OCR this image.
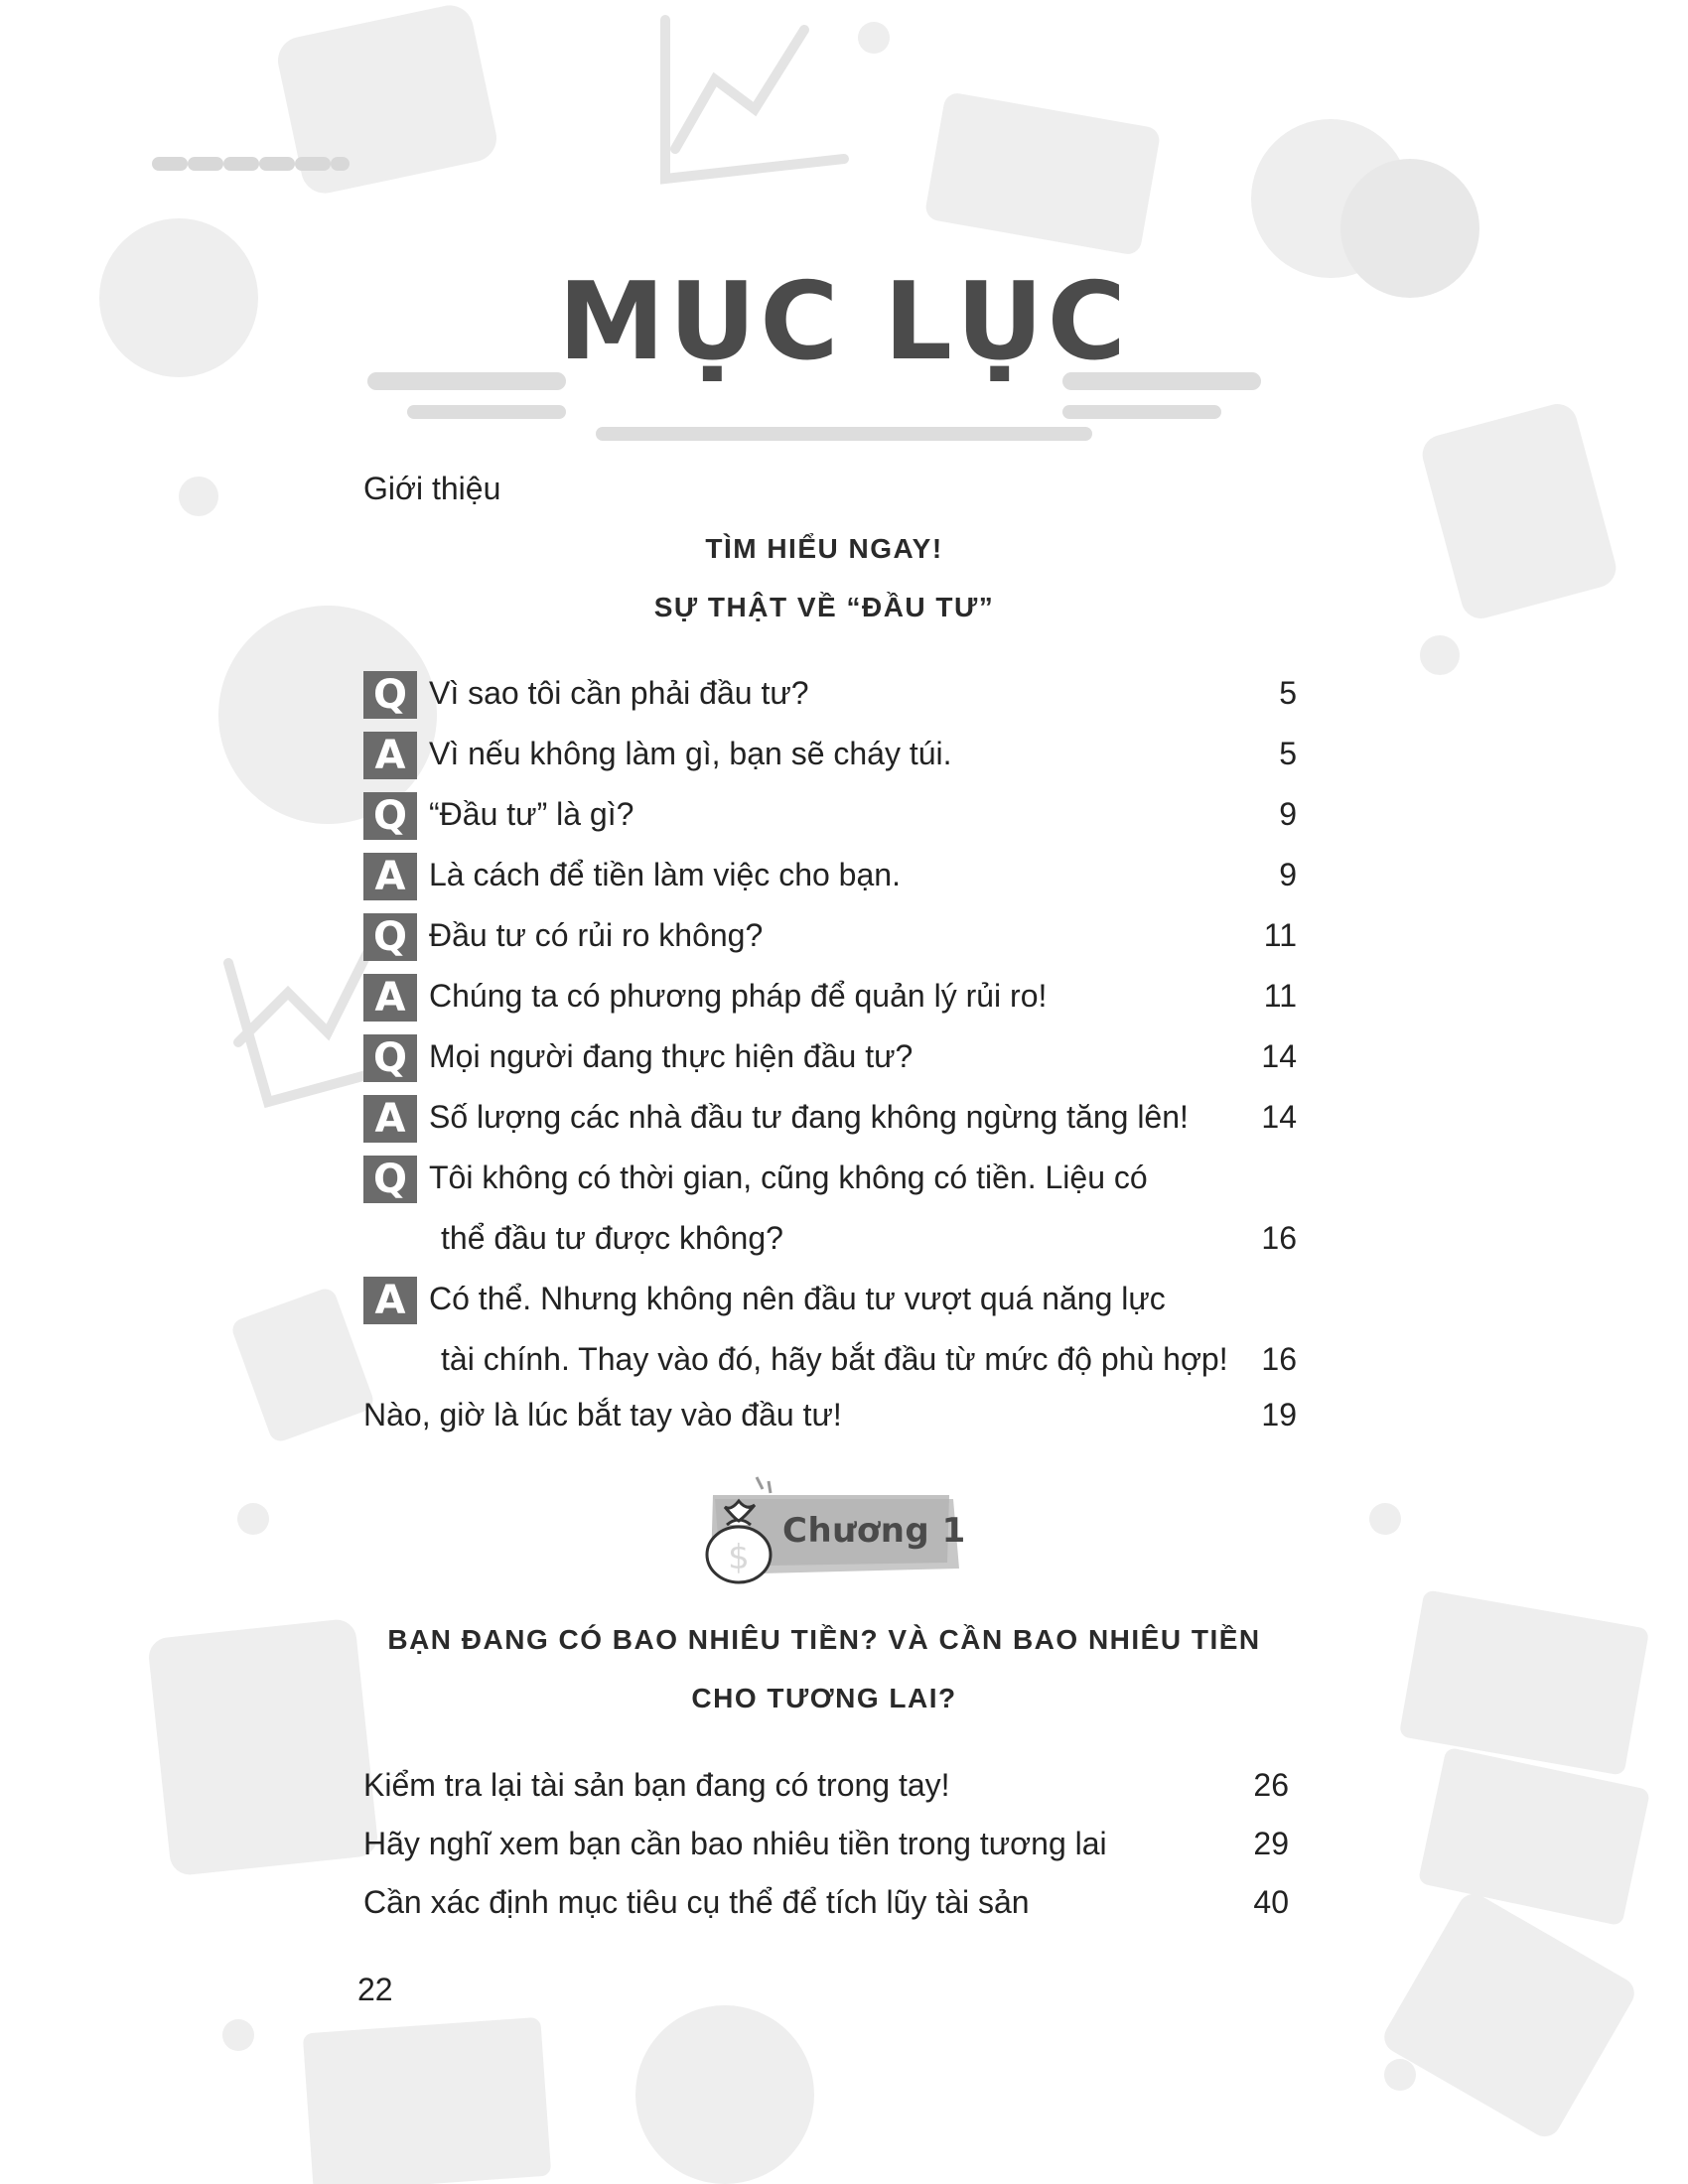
MỤC LỤC
Giới thiệu
TÌM HIỂU NGAY!
SỰ THẬT VỀ “ĐẦU TƯ”
Q Vì sao tôi cần phải đầu tư?	5
A Vì nếu không làm gì, bạn sẽ cháy túi.	5
Q “Đầu tư” là gì?	9
A Là cách để tiền làm việc cho bạn.	9
Q Đầu tư có rủi ro không?	11
A Chúng ta có phương pháp để quản lý rủi ro!	11
Q Mọi người đang thực hiện đầu tư?	14
A Số lượng các nhà đầu tư đang không ngừng tăng lên! 14
Q Tôi không có thời gian, cũng không có tiền. Liệu có
thể đầu tư được không?	16
A Có thể. Nhưng không nên đầu tư vượt quá năng lực
tài chính. Thay vào đó, hãy bắt đầu từ mức độ phù hợp! 16
Nào, giờ là lúc bắt tay vào đầu tư!	19
$
Chương 1
BẠN ĐANG CÓ BAO NHIÊU TIỀN? VÀ CẦN BAO NHIÊU TIỀN
CHO TƯƠNG LAI?
Kiểm tra lại tài sản bạn đang có trong tay!	26
Hãy nghĩ xem bạn cần bao nhiêu tiền trong tương lai	29
Cần xác định mục tiêu cụ thể để tích lũy tài sản	40
22
